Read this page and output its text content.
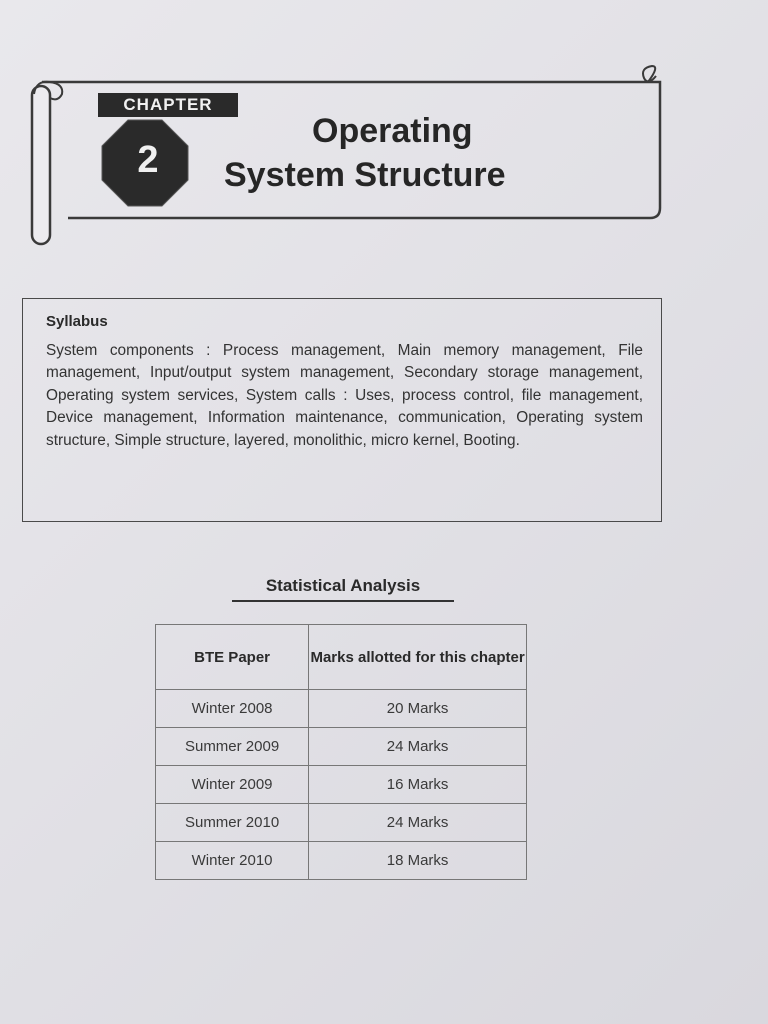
CHAPTER
2
Operating
System Structure

Syllabus

System components : Process management, Main memory management, File management, Input/output system management, Secondary storage management, Operating system services, System calls : Uses, process control, file management, Device management, Information maintenance, communication, Operating system structure, Simple structure, layered, monolithic, micro kernel, Booting.

Statistical Analysis
BTE Paper	Marks allotted for this chapter
Winter 2008	20 Marks
Summer 2009	24 Marks
Winter 2009	16 Marks
Summer 2010	24 Marks
Winter 2010	18 Marks
